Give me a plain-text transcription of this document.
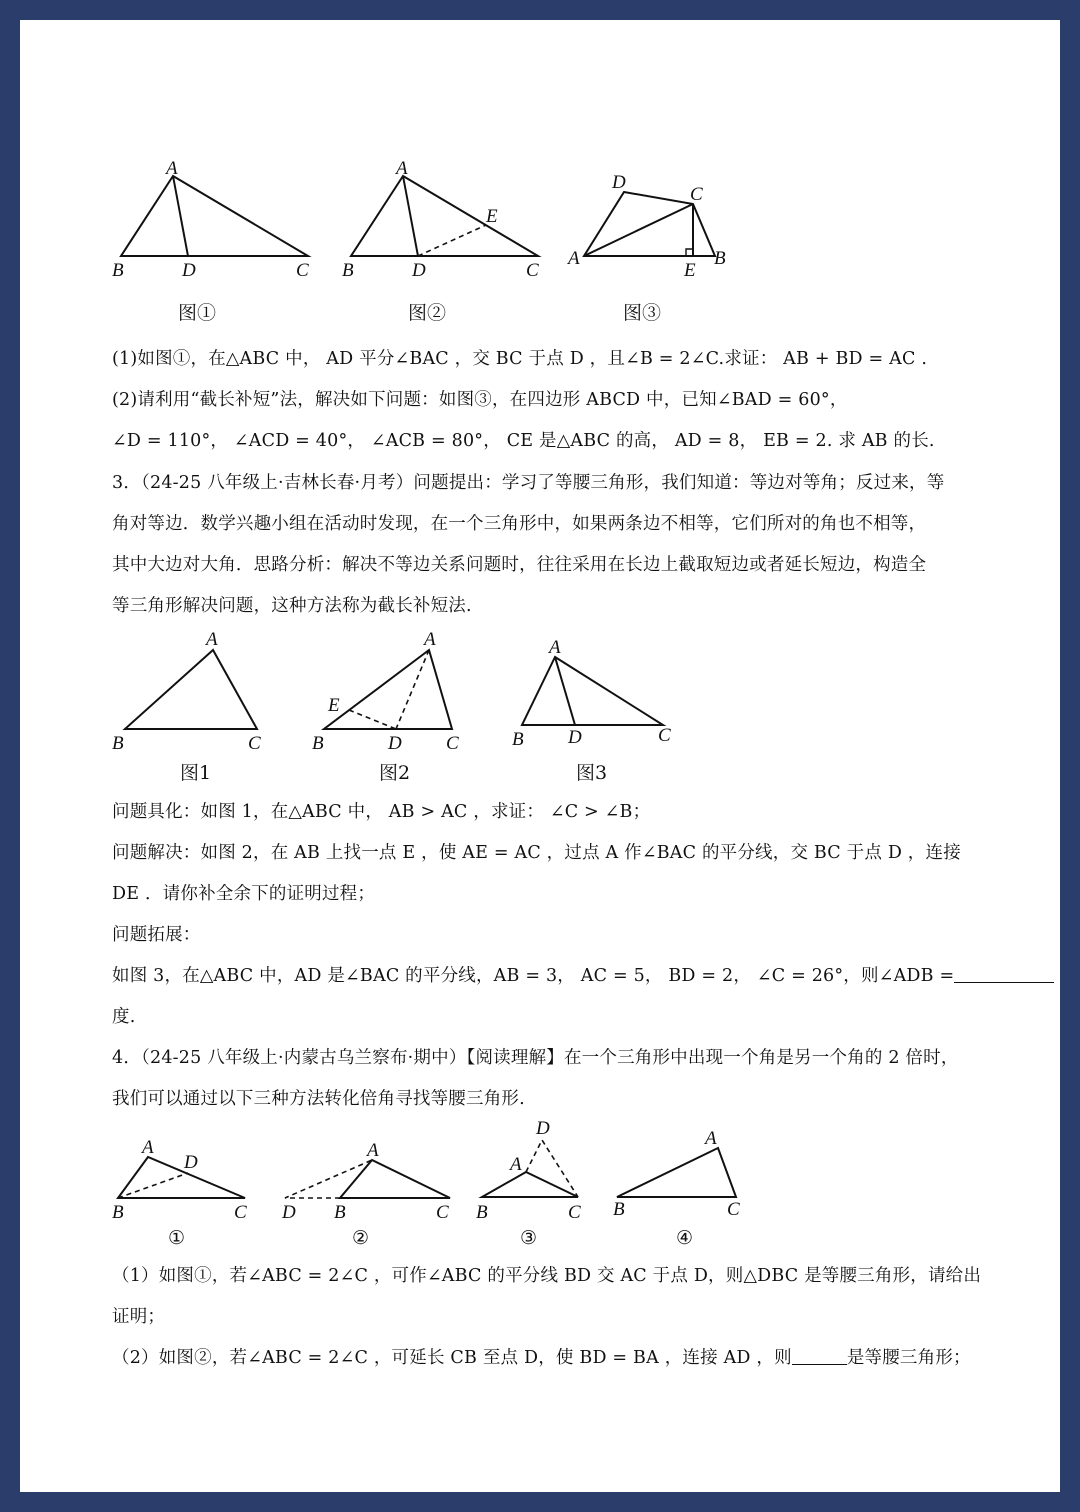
A
B	D	C
图①
A
B	D	C
E
图②
D
C
A
E
B
图③
(1)如图①，在△ABC 中， AD 平分∠BAC ，交 BC 于点 D ，且∠B = 2∠C.求证： AB + BD = AC .
(2)请利用“截长补短”法，解决如下问题：如图③，在四边形 ABCD 中，已知∠BAD = 60°，
∠D = 110°， ∠ACD = 40°， ∠ACB = 80°， CE 是△ABC 的高， AD = 8， EB = 2. 求 AB 的长.
3．（24-25 八年级上·吉林长春·月考）问题提出：学习了等腰三角形，我们知道：等边对等角；反过来，等
角对等边．数学兴趣小组在活动时发现，在一个三角形中，如果两条边不相等，它们所对的角也不相等，
其中大边对大角．思路分析：解决不等边关系问题时，往往采用在长边上截取短边或者延长短边，构造全
等三角形解决问题，这种方法称为截长补短法.
A
B	C
图1
A
E
B	D C
图2
A
B D	C
图3
问题具化：如图 1，在△ABC 中， AB > AC ，求证： ∠C > ∠B；
问题解决：如图 2，在 AB 上找一点 E ，使 AE = AC ，过点 A 作∠BAC 的平分线，交 BC 于点 D ，连接
DE ．请你补全余下的证明过程；
问题拓展：
如图 3，在△ABC 中，AD 是∠BAC 的平分线，AB = 3， AC = 5， BD = 2， ∠C = 26°，则∠ADB =
度.
4．（24-25 八年级上·内蒙古乌兰察布·期中）【阅读理解】在一个三角形中出现一个角是另一个角的 2 倍时，
我们可以通过以下三种方法转化倍角寻找等腰三角形.
A
D
B	C
①
A
D B	C
②
D
A
B	C
③
A
B	C
④
（1）如图①，若∠ABC = 2∠C ，可作∠ABC 的平分线 BD 交 AC 于点 D，则△DBC 是等腰三角形，请给出
证明；
（2）如图②，若∠ABC = 2∠C ，可延长 CB 至点 D，使 BD = BA ，连接 AD ，则	是等腰三角形；
